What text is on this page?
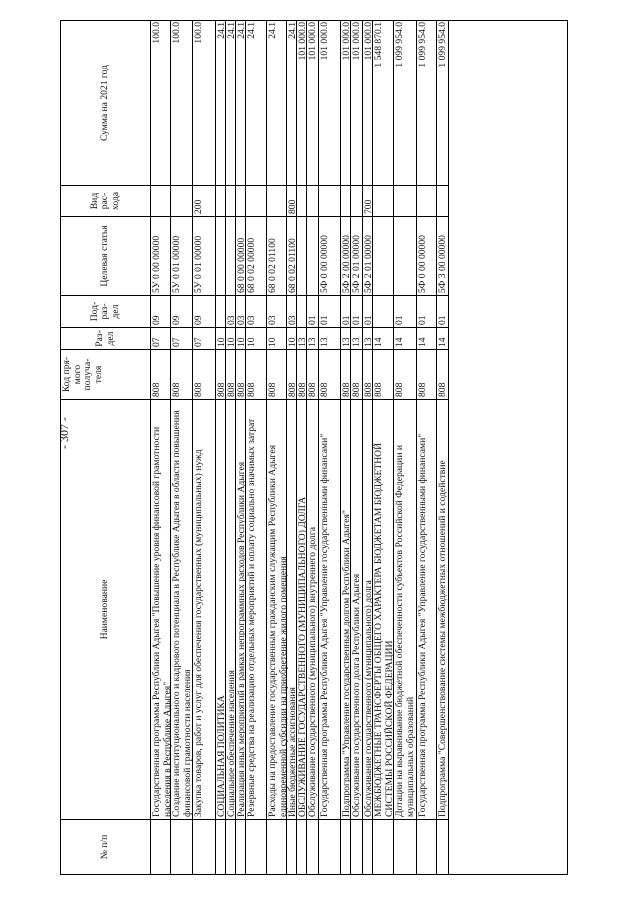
- 307 -
№ п/п
Наименование
Код пря-мого получа-теля
Раз-дел
Под-раз-дел
Целевая статья
Вид рас-хода
Сумма на 2021 год
Государственная программа Республики Адыгея "Повышение уровня финансовой грамотности населения в Республике Адыгея"
808
07
09
5У 0 00 00000
100.0
Создание институционального и кадрового потенциала в Республике Адыгея в области повышения финансовой грамотности населения
808
07
09
5У 0 01 00000
100.0
Закупка товаров, работ и услуг для обеспечения государственных (муниципальных) нужд
808
07
09
5У 0 01 00000
200
100.0
СОЦИАЛЬНАЯ ПОЛИТИКА
808
10
24.1
Социальное обеспечение населения
808
10
03
24.1
Реализация иных мероприятий в рамках непрограммных расходов Республики Адыгея
808
10
03
68 0 00 00000
24.1
Резервные средства на реализацию отдельных мероприятий и оплату социально значимых затрат
808
10
03
68 0 02 00000
24.1
Расходы на предоставление государственным гражданским служащим Республики Адыгея единовременной субсидии на приобретение жилого помещения
808
10
03
68 0 02 01100
24.1
Иные бюджетные ассигнования
808
10
03
68 0 02 01100
800
24.1
ОБСЛУЖИВАНИЕ ГОСУДАРСТВЕННОГО (МУНИЦИПАЛЬНОГО) ДОЛГА
808
13
101 000.0
Обслуживание государственного (муниципального) внутреннего долга
808
13
01
101 000.0
Государственная программа Республики Адыгея "Управление государственными финансами"
808
13
01
5Ф 0 00 00000
101 000.0
Подпрограмма "Управление государственным долгом Республики Адыгея"
808
13
01
5Ф 2 00 00000
101 000.0
Обслуживание государственного долга Республики Адыгея
808
13
01
5Ф 2 01 00000
101 000.0
Обслуживание государственного (муниципального) долга
808
13
01
5Ф 2 01 00000
700
101 000.0
МЕЖБЮДЖЕТНЫЕ ТРАНСФЕРТЫ ОБЩЕГО ХАРАКТЕРА БЮДЖЕТАМ БЮДЖЕТНОЙ СИСТЕМЫ РОССИЙСКОЙ ФЕДЕРАЦИИ
808
14
1 548 870.1
Дотации на выравнивание бюджетной обеспеченности субъектов Российской Федерации и муниципальных образований
808
14
01
1 099 954.0
Государственная программа Республики Адыгея "Управление государственными финансами"
808
14
01
5Ф 0 00 00000
1 099 954.0
Подпрограмма "Совершенствование системы межбюджетных отношений и содействие
808
14
01
5Ф 3 00 00000
1 099 954.0
